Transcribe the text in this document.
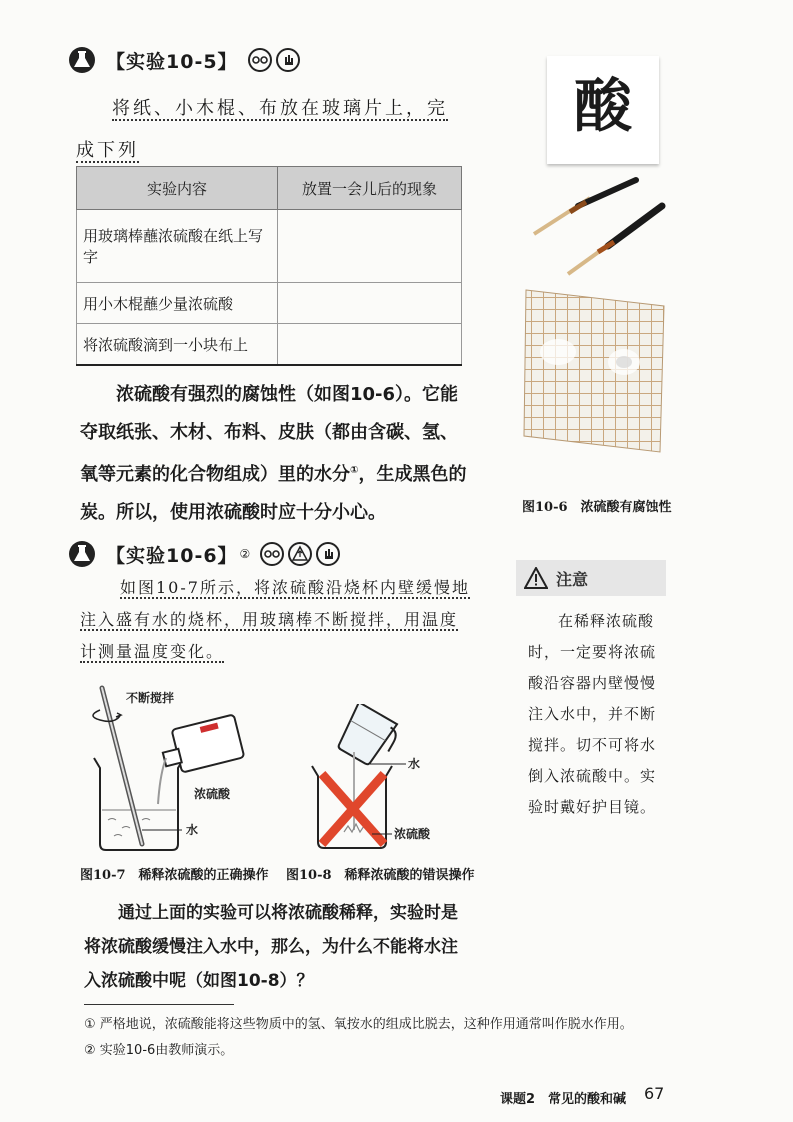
【实验10-5】
将纸、小木棍、布放在玻璃片上，完成下列
实验内容	放置一会儿后的现象
用玻璃棒蘸浓硫酸在纸上写字	
用小木棍蘸少量浓硫酸	
将浓硫酸滴到一小块布上	
浓硫酸有强烈的腐蚀性（如图10-6）。它能夺取纸张、木材、布料、皮肤（都由含碳、氢、氧等元素的化合物组成）里的水分①，生成黑色的炭。所以，使用浓硫酸时应十分小心。
酸
图10-6　浓硫酸有腐蚀性
注意
在稀释浓硫酸时，一定要将浓硫酸沿容器内壁慢慢注入水中，并不断搅拌。切不可将水倒入浓硫酸中。实验时戴好护目镜。
【实验10-6】 ②
如图10-7所示，将浓硫酸沿烧杯内壁缓慢地注入盛有水的烧杯，用玻璃棒不断搅拌，用温度计测量温度变化。
不断搅拌
浓硫酸
水
图10-7　稀释浓硫酸的正确操作
水
浓硫酸
图10-8　稀释浓硫酸的错误操作
通过上面的实验可以将浓硫酸稀释，实验时是将浓硫酸缓慢注入水中，那么，为什么不能将水注入浓硫酸中呢（如图10-8）？
① 严格地说，浓硫酸能将这些物质中的氢、氧按水的组成比脱去，这种作用通常叫作脱水作用。
② 实验10-6由教师演示。
课题2　常见的酸和碱 67
